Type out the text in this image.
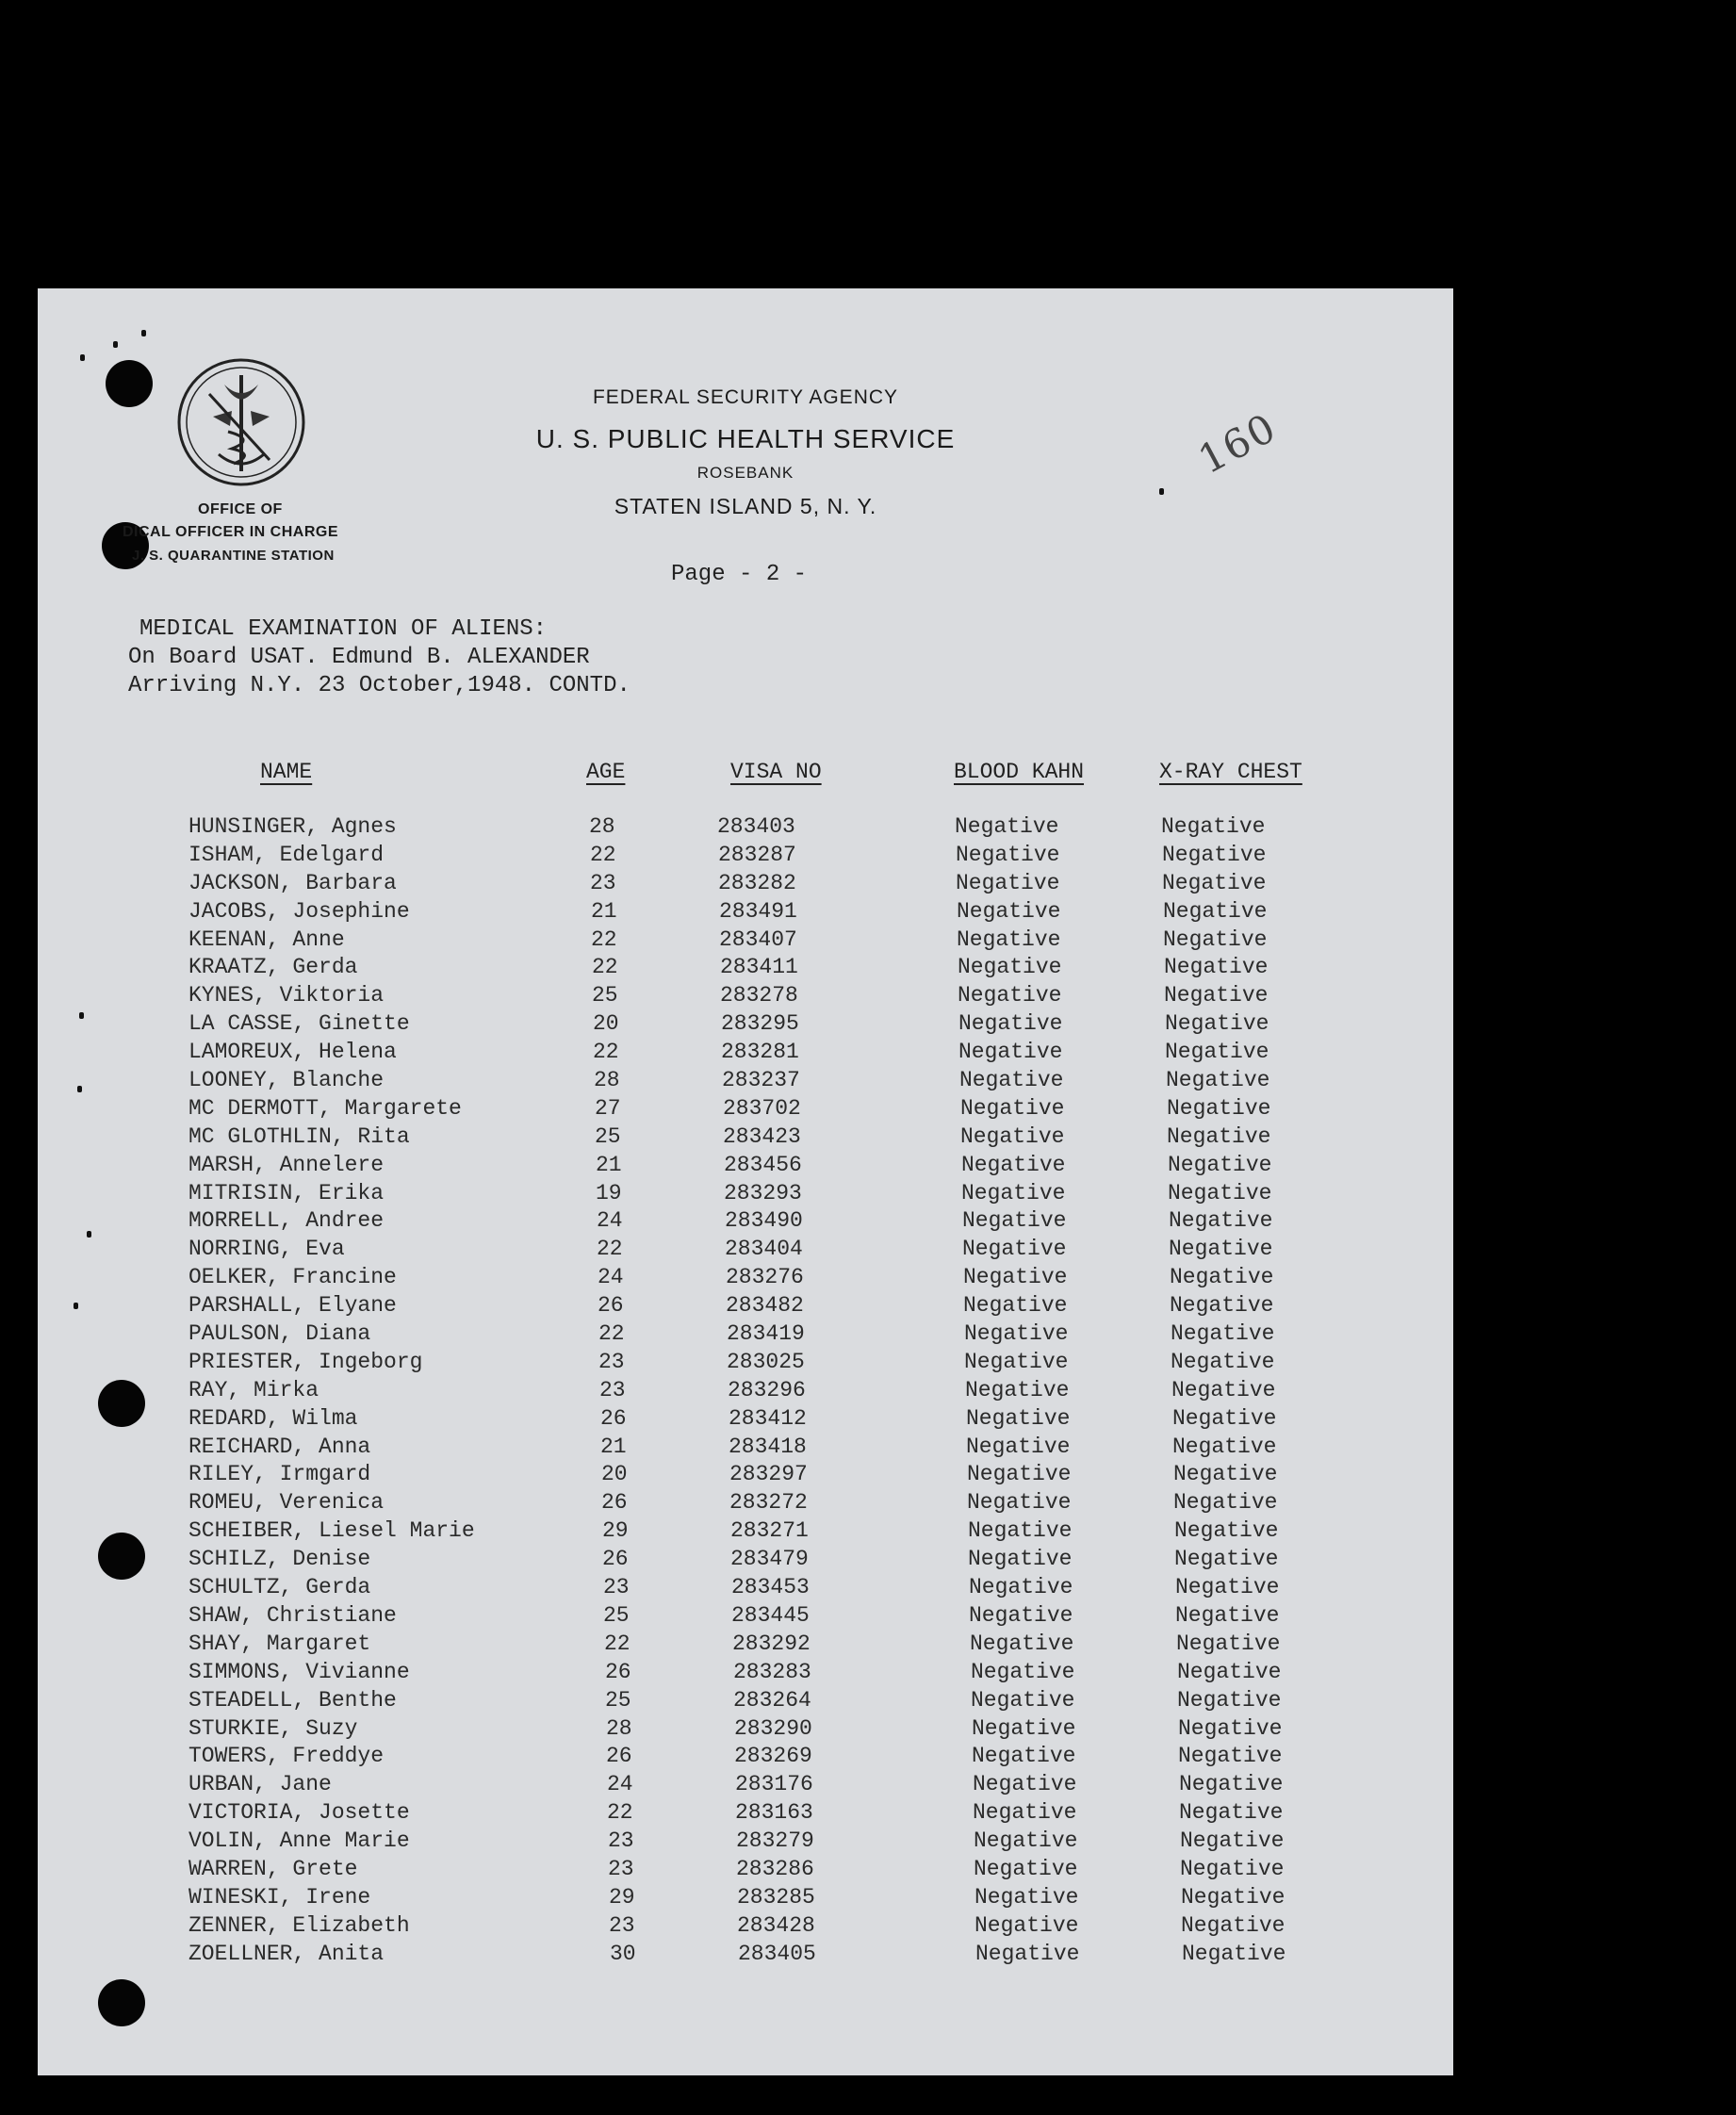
OFFICE OF
DICAL OFFICER IN CHARGE
J. S. QUARANTINE STATION
FEDERAL SECURITY AGENCY
U. S. PUBLIC HEALTH SERVICE
ROSEBANK
STATEN ISLAND 5, N. Y.
160
Page - 2 -
MEDICAL EXAMINATION OF ALIENS:
On Board USAT. Edmund B. ALEXANDER
Arriving N.Y. 23 October,1948. CONTD.
NAME	AGE	VISA NO	BLOOD KAHN	X-RAY CHEST
HUNSINGER, Agnes	28	283403	Negative	Negative
ISHAM, Edelgard	22	283287	Negative	Negative
JACKSON, Barbara	23	283282	Negative	Negative
JACOBS, Josephine	21	283491	Negative	Negative
KEENAN, Anne	22	283407	Negative	Negative
KRAATZ, Gerda	22	283411	Negative	Negative
KYNES, Viktoria	25	283278	Negative	Negative
LA CASSE, Ginette	20	283295	Negative	Negative
LAMOREUX, Helena	22	283281	Negative	Negative
LOONEY, Blanche	28	283237	Negative	Negative
MC DERMOTT, Margarete	27	283702	Negative	Negative
MC GLOTHLIN, Rita	25	283423	Negative	Negative
MARSH, Annelere	21	283456	Negative	Negative
MITRISIN, Erika	19	283293	Negative	Negative
MORRELL, Andree	24	283490	Negative	Negative
NORRING, Eva	22	283404	Negative	Negative
OELKER, Francine	24	283276	Negative	Negative
PARSHALL, Elyane	26	283482	Negative	Negative
PAULSON, Diana	22	283419	Negative	Negative
PRIESTER, Ingeborg	23	283025	Negative	Negative
RAY, Mirka	23	283296	Negative	Negative
REDARD, Wilma	26	283412	Negative	Negative
REICHARD, Anna	21	283418	Negative	Negative
RILEY, Irmgard	20	283297	Negative	Negative
ROMEU, Verenica	26	283272	Negative	Negative
SCHEIBER, Liesel Marie	29	283271	Negative	Negative
SCHILZ, Denise	26	283479	Negative	Negative
SCHULTZ, Gerda	23	283453	Negative	Negative
SHAW, Christiane	25	283445	Negative	Negative
SHAY, Margaret	22	283292	Negative	Negative
SIMMONS, Vivianne	26	283283	Negative	Negative
STEADELL, Benthe	25	283264	Negative	Negative
STURKIE, Suzy	28	283290	Negative	Negative
TOWERS, Freddye	26	283269	Negative	Negative
URBAN, Jane	24	283176	Negative	Negative
VICTORIA, Josette	22	283163	Negative	Negative
VOLIN, Anne Marie	23	283279	Negative	Negative
WARREN, Grete	23	283286	Negative	Negative
WINESKI, Irene	29	283285	Negative	Negative
ZENNER, Elizabeth	23	283428	Negative	Negative
ZOELLNER, Anita	30	283405	Negative	Negative
